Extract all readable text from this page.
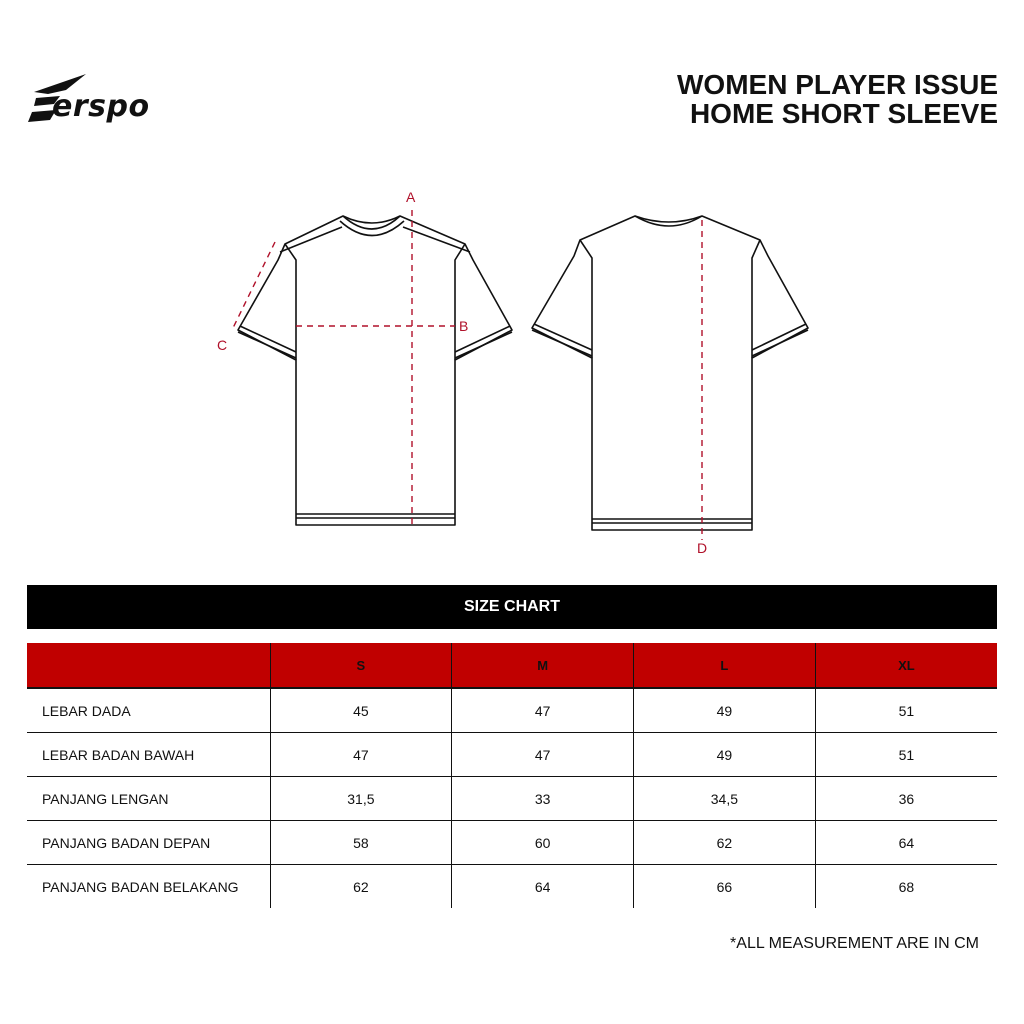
erspo
WOMEN PLAYER ISSUE
HOME SHORT SLEEVE
A
B
C
D
SIZE CHART
	S	M	L	XL
LEBAR DADA	45	47	49	51
LEBAR BADAN BAWAH	47	47	49	51
PANJANG LENGAN	31,5	33	34,5	36
PANJANG BADAN DEPAN	58	60	62	64
PANJANG BADAN BELAKANG	62	64	66	68
*ALL MEASUREMENT ARE IN CM
